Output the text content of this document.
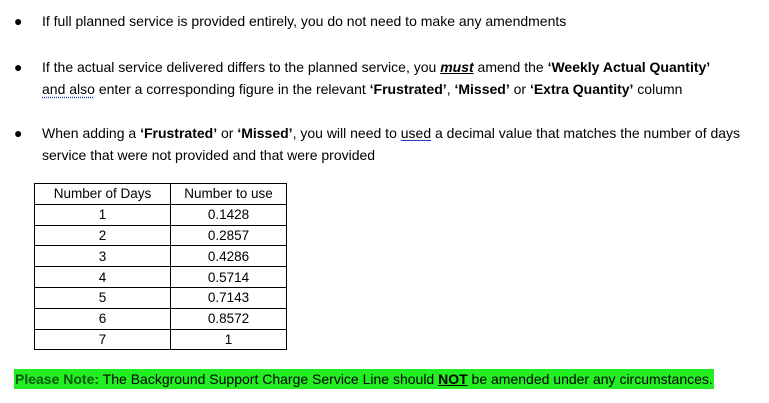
● If full planned service is provided entirely, you do not need to make any amendments
● If the actual service delivered differs to the planned service, you must amend the ‘Weekly Actual Quantity’
and also enter a corresponding figure in the relevant ‘Frustrated’, ‘Missed’ or ‘Extra Quantity’ column
● When adding a ‘Frustrated’ or ‘Missed’, you will need to used a decimal value that matches the number of days service that were not provided and that were provided
Number of Days	Number to use
1	0.1428
2	0.2857
3	0.4286
4	0.5714
5	0.7143
6	0.8572
7	1
Please Note: The Background Support Charge Service Line should NOT be amended under any circumstances.
